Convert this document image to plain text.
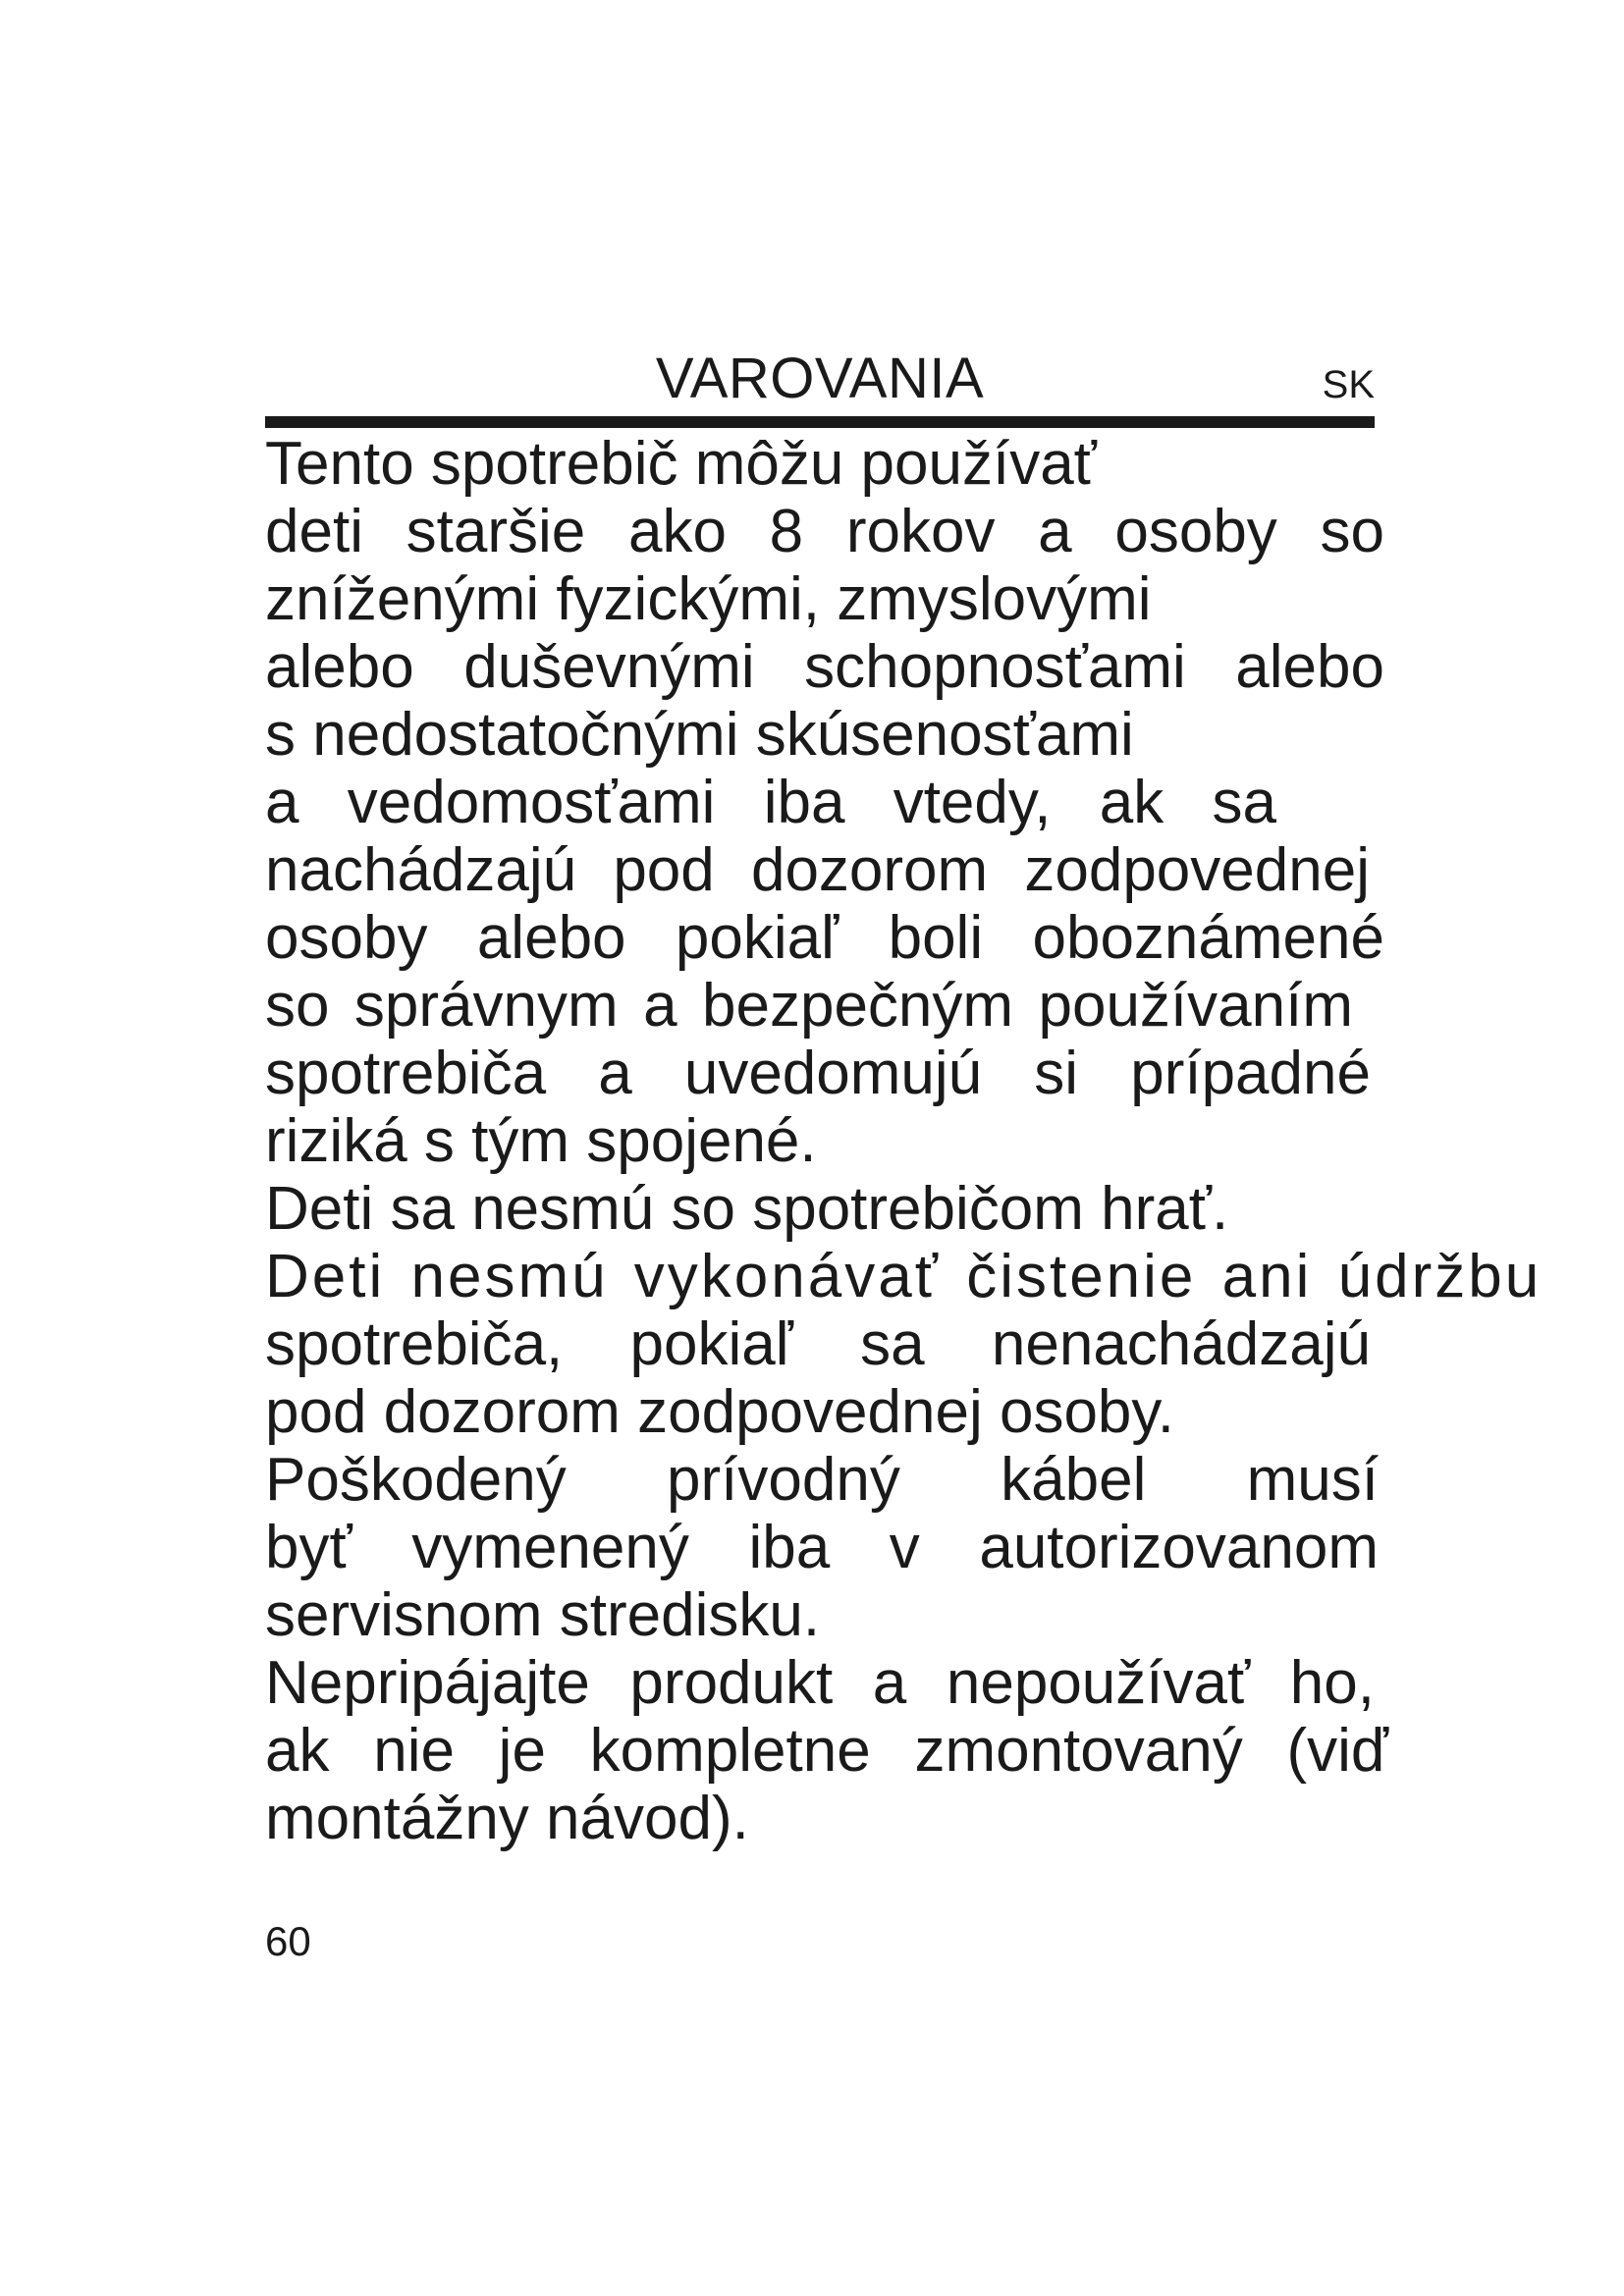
VAROVANIA	SK
Tento spotrebič môžu používať
deti staršie ako 8 rokov a osoby so
zníženými fyzickými, zmyslovými
alebo duševnými schopnosťami alebo
s nedostatočnými skúsenosťami
a vedomosťami iba vtedy, ak sa
nachádzajú pod dozorom zodpovednej
osoby alebo pokiaľ boli oboznámené
so správnym a bezpečným používaním
spotrebiča a uvedomujú si prípadné
riziká s tým spojené.
Deti sa nesmú so spotrebičom hrať.
Deti nesmú vykonávať čistenie ani údržbu
spotrebiča, pokiaľ sa nenachádzajú
pod dozorom zodpovednej osoby.
Poškodený prívodný kábel musí
byť vymenený iba v autorizovanom
servisnom stredisku.
Nepripájajte produkt a nepoužívať ho,
ak nie je kompletne zmontovaný (viď
montážny návod).
60
